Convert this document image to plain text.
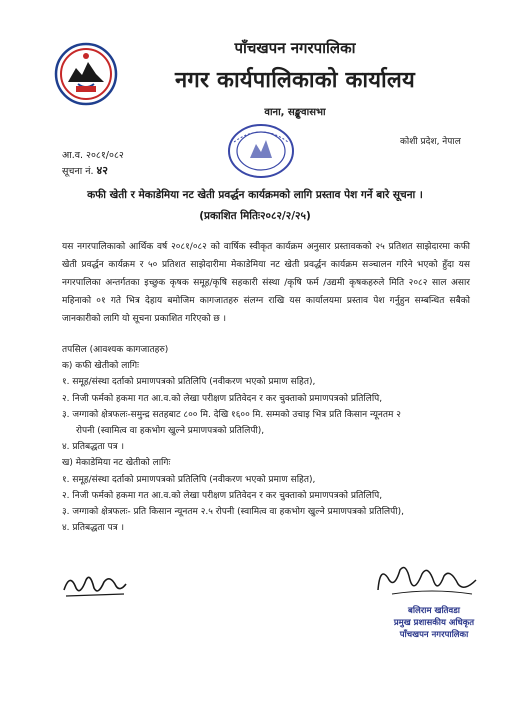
पाँचखपन नगरपालिका
नगर कार्यपालिकाको कार्यालय
वाना, सङ्खुवासभा
कोशी प्रदेश, नेपाल
आ.व. २०८१/०८२
सूचना नं. ४२
कफी खेती र मेकाडेमिया नट खेती प्रवर्द्धन कार्यक्रमको लागि प्रस्ताव पेश गर्ने बारे सूचना ।
(प्रकाशित मितिः२०८२/२/२५)
यस नगरपालिकाको आर्थिक वर्ष २०८१/०८२ को वार्षिक स्वीकृत कार्यक्रम अनुसार प्रस्तावकको २५ प्रतिशत साझेदारमा कफी खेती प्रवर्द्धन कार्यक्रम र ५० प्रतिशत साझेदारीमा मेकाडेमिया नट खेती प्रवर्द्धन कार्यक्रम सञ्चालन गरिने भएको हुँदा यस नगरपालिका अन्तर्गतका इच्छुक कृषक समूह/कृषि सहकारी संस्था /कृषि फर्म /उद्यमी कृषकहरुले मिति २०८२ साल असार महिनाको ०१ गते भित्र देहाय बमोजिम कागजातहरु संलग्न राखि यस कार्यालयमा प्रस्ताव पेश गर्नुहुन सम्बन्धित सबैको जानकारीको लागि यो सूचना प्रकाशित गरिएको छ ।
तपसिल (आवश्यक कागजातहरु)
क) कफी खेतीको लागिः
१. समूह/संस्था दर्ताको प्रमाणपत्रको प्रतिलिपि (नवीकरण भएको प्रमाण सहित),
२. निजी फर्मको हकमा गत आ.व.को लेखा परीक्षण प्रतिवेदन र कर चुक्ताको प्रमाणपत्रको प्रतिलिपि,
३. जग्गाको क्षेत्रफलः-समुन्द्र सतहबाट ८०० मि. देखि १६०० मि. सम्मको उचाइ भित्र प्रति किसान न्यूनतम २
रोपनी (स्वामित्व वा हकभोग खुल्ने प्रमाणपत्रको प्रतिलिपी),
४. प्रतिबद्धता पत्र ।
ख) मेकाडेमिया नट खेतीको लागिः
१. समूह/संस्था दर्ताको प्रमाणपत्रको प्रतिलिपि (नवीकरण भएको प्रमाण सहित),
२. निजी फर्मको हकमा गत आ.व.को लेखा परीक्षण प्रतिवेदन र कर चुक्ताको प्रमाणपत्रको प्रतिलिपि,
३. जग्गाको क्षेत्रफलः- प्रति किसान न्यूनतम २.५ रोपनी (स्वामित्व वा हकभोग खुल्ने प्रमाणपत्रको प्रतिलिपी),
४. प्रतिबद्धता पत्र ।
बलिराम खतिवडा
प्रमुख प्रशासकीय अधिकृत
पाँचखपन नगरपालिका
